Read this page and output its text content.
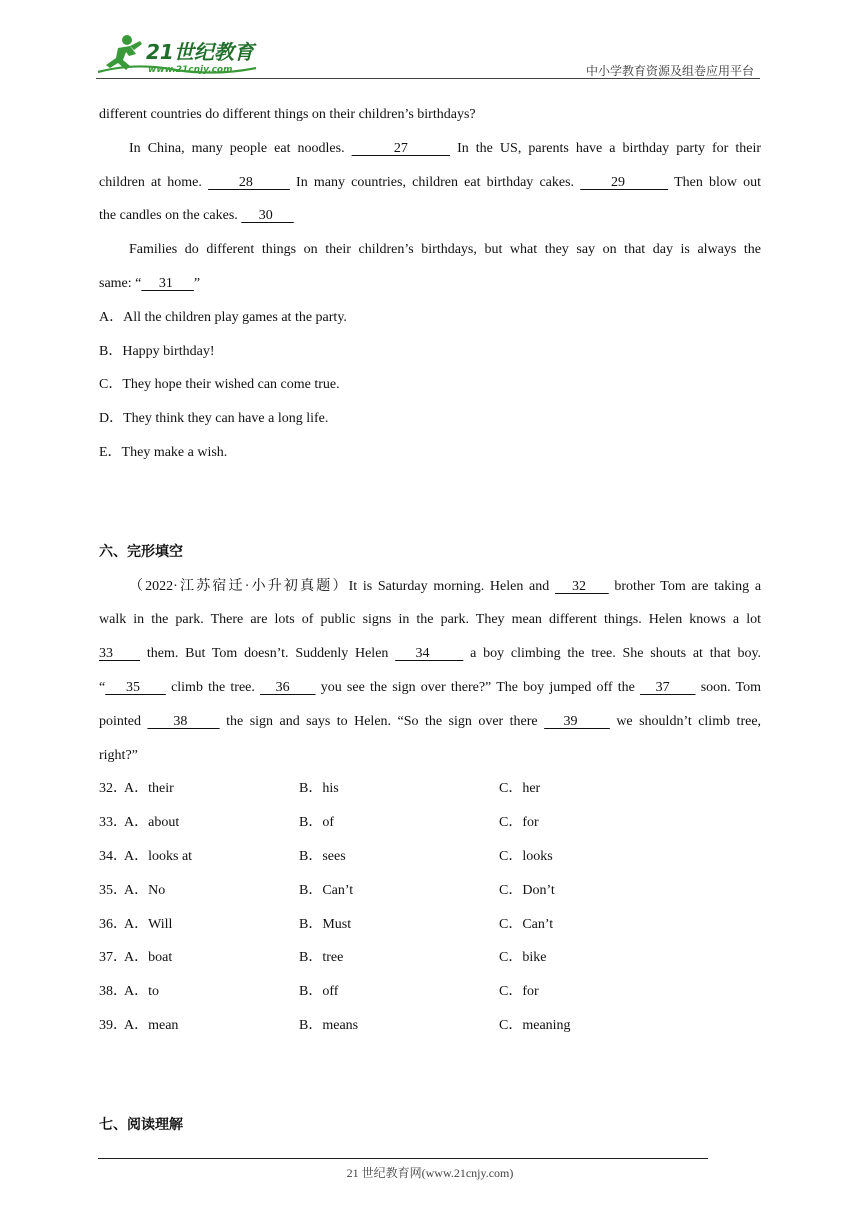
21世纪教育
www.21cnjy.com	中小学教育资源及组卷应用平台
different countries do different things on their children’s birthdays?
In China, many people eat noodles.       27       In the US, parents have a birthday party for their
children at home.      28       In many countries, children eat birthday cakes.      29        Then blow out
the candles on the cakes.      30
Families do different things on their children’s birthdays, but what they say on that day is always the
same: “     31      ”
A．All the children play games at the party.
B．Happy birthday!
C．They hope their wished can come true.
D．They think they can have a long life.
E．They make a wish.
六、完形填空
（2022·江苏宿迁·小升初真题）It is Saturday morning. Helen and    32     brother Tom are taking a
walk in the park. There are lots of public signs in the park. They mean different things. Helen knows a lot
33     them. But Tom doesn’t. Suddenly Helen    34      a boy climbing the tree. She shouts at that boy.
“    35      climb the tree.    36      you see the sign over there?” The boy jumped off the    37      soon. Tom
pointed     38      the sign and says to Helen. “So the sign over there    39      we shouldn’t climb tree,
right?”
32．
A．their	B．his	C．her
33．
A．about	B．of	C．for
34．
A．looks at	B．sees	C．looks
35．
A．No	B．Can’t	C．Don’t
36．
A．Will	B．Must	C．Can’t
37．
A．boat	B．tree	C．bike
38．
A．to	B．off	C．for
39．
A．mean	B．means	C．meaning
七、阅读理解
21 世纪教育网(www.21cnjy.com)
